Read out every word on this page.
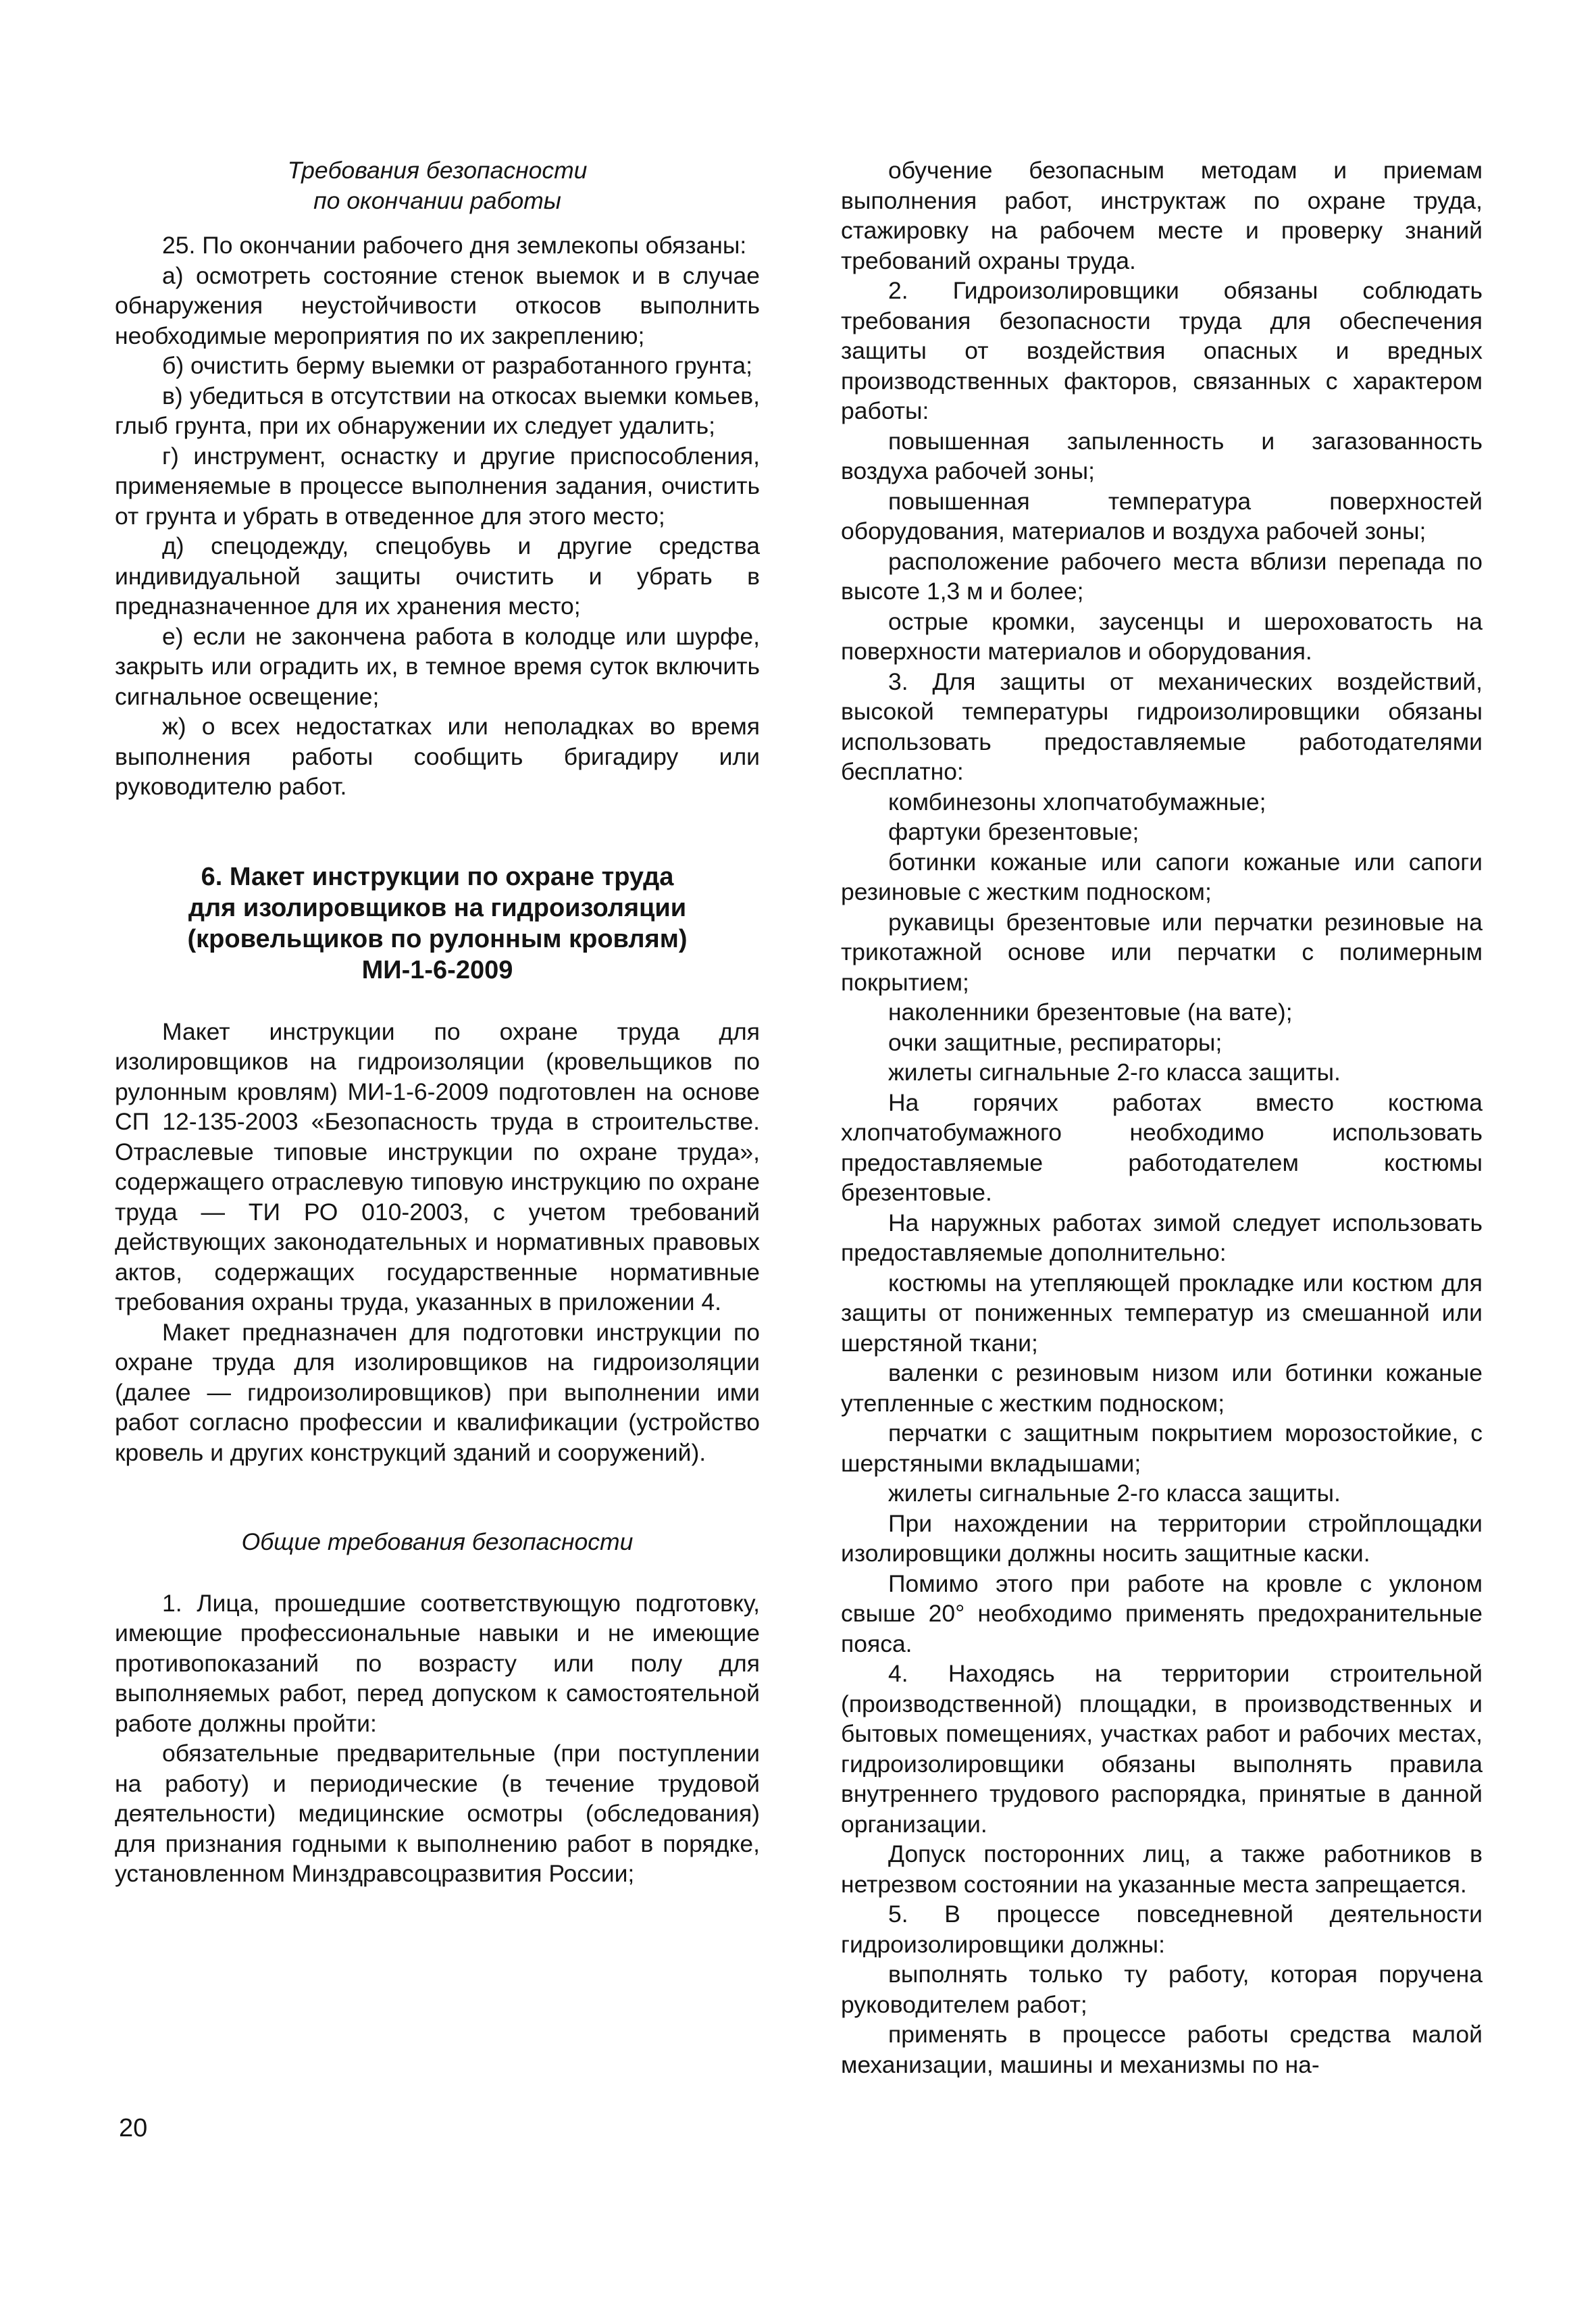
Требования безопасности

по окончании работы

25. По окончании рабочего дня землекопы обязаны:

а) осмотреть состояние стенок выемок и в случае обнаружения неустойчивости откосов выполнить необходимые мероприятия по их закреплению;

б) очистить берму выемки от разработанного грунта;

в) убедиться в отсутствии на откосах выемки комьев, глыб грунта, при их обнаружении их следует удалить;

г) инструмент, оснастку и другие приспособления, применяемые в процессе выполнения задания, очистить от грунта и убрать в отведенное для этого место;

д) спецодежду, спецобувь и другие средства индивидуальной защиты очистить и убрать в предназначенное для их хранения место;

е) если не закончена работа в колодце или шурфе, закрыть или оградить их, в темное время суток включить сигнальное освещение;

ж) о всех недостатках или неполадках во время выполнения работы сообщить бригадиру или руководителю работ.

6. Макет инструкции по охране труда
для изолировщиков на гидроизоляции
(кровельщиков по рулонным кровлям)
МИ-1-6-2009

Макет инструкции по охране труда для изолировщиков на гидроизоляции (кровельщиков по рулонным кровлям) МИ-1-6-2009 подготовлен на основе СП 12-135-2003 «Безопасность труда в строительстве. Отраслевые типовые инструкции по охране труда», содержащего отраслевую типовую инструкцию по охране труда — ТИ РО 010-2003, с учетом требований действующих законодательных и нормативных правовых актов, содержащих государственные нормативные требования охраны труда, указанных в приложении 4.

Макет предназначен для подготовки инструкции по охране труда для изолировщиков на гидроизоляции (далее — гидроизолировщиков) при выполнении ими работ согласно профессии и квалификации (устройство кровель и других конструкций зданий и сооружений).

Общие требования безопасности

1. Лица, прошедшие соответствующую подготовку, имеющие профессиональные навыки и не имеющие противопоказаний по возрасту или полу для выполняемых работ, перед допуском к самостоятельной работе должны пройти:

обязательные предварительные (при поступлении на работу) и периодические (в течение трудовой деятельности) медицинские осмотры (обследования) для признания годными к выполнению работ в порядке, установленном Минздравсоцразвития России;

обучение безопасным методам и приемам выполнения работ, инструктаж по охране труда, стажировку на рабочем месте и проверку знаний требований охраны труда.

2. Гидроизолировщики обязаны соблюдать требования безопасности труда для обеспечения защиты от воздействия опасных и вредных производственных факторов, связанных с характером работы:

повышенная запыленность и загазованность воздуха рабочей зоны;

повышенная температура поверхностей оборудования, материалов и воздуха рабочей зоны;

расположение рабочего места вблизи перепада по высоте 1,3 м и более;

острые кромки, заусенцы и шероховатость на поверхности материалов и оборудования.

3. Для защиты от механических воздействий, высокой температуры гидроизолировщики обязаны использовать предоставляемые работодателями бесплатно:

комбинезоны хлопчатобумажные;

фартуки брезентовые;

ботинки кожаные или сапоги кожаные или сапоги резиновые с жестким подноском;

рукавицы брезентовые или перчатки резиновые на трикотажной основе или перчатки с полимерным покрытием;

наколенники брезентовые (на вате);

очки защитные, респираторы;

жилеты сигнальные 2-го класса защиты.

На горячих работах вместо костюма хлопчатобумажного необходимо использовать предоставляемые работодателем костюмы брезентовые.

На наружных работах зимой следует использовать предоставляемые дополнительно:

костюмы на утепляющей прокладке или костюм для защиты от пониженных температур из смешанной или шерстяной ткани;

валенки с резиновым низом или ботинки кожаные утепленные с жестким подноском;

перчатки с защитным покрытием морозостойкие, с шерстяными вкладышами;

жилеты сигнальные 2-го класса защиты.

При нахождении на территории стройплощадки изолировщики должны носить защитные каски.

Помимо этого при работе на кровле с уклоном свыше 20° необходимо применять предохранительные пояса.

4. Находясь на территории строительной (производственной) площадки, в производственных и бытовых помещениях, участках работ и рабочих местах, гидроизолировщики обязаны выполнять правила внутреннего трудового распорядка, принятые в данной организации.

Допуск посторонних лиц, а также работников в нетрезвом состоянии на указанные места запрещается.

5. В процессе повседневной деятельности гидроизолировщики должны:

выполнять только ту работу, которая поручена руководителем работ;

применять в процессе работы средства малой механизации, машины и механизмы по на-

20
